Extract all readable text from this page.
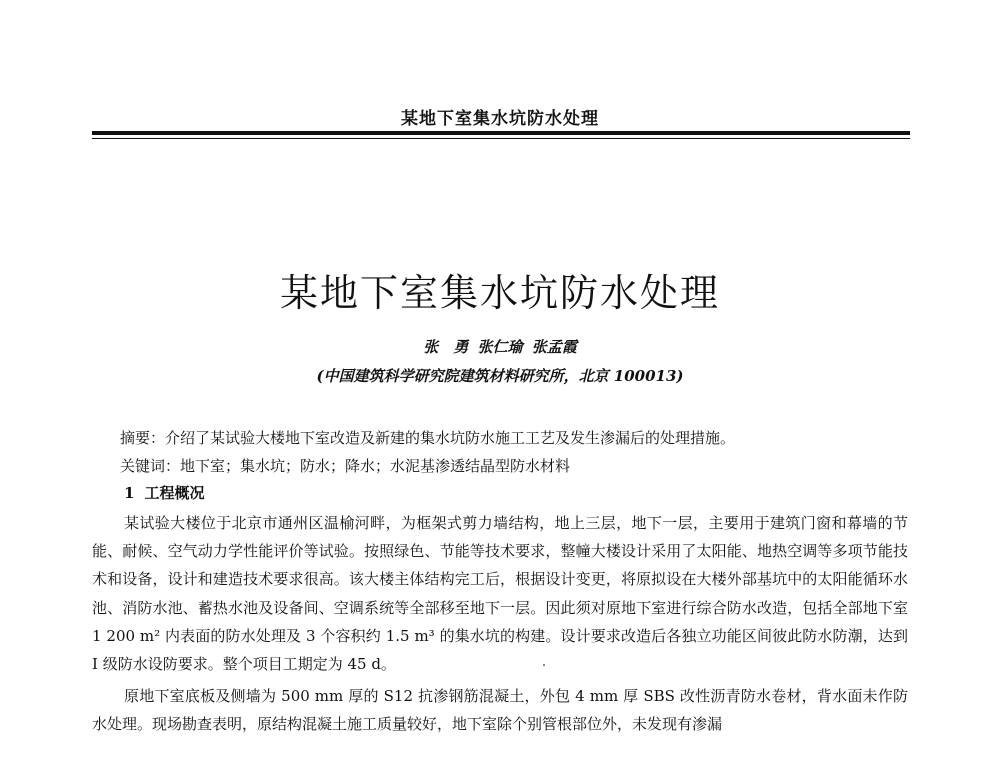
某地下室集水坑防水处理
某地下室集水坑防水处理
张　勇 张仁瑜 张孟霞
(中国建筑科学研究院建筑材料研究所，北京 100013)

摘要：介绍了某试验大楼地下室改造及新建的集水坑防水施工工艺及发生渗漏后的处理措施。

关键词：地下室；集水坑；防水；降水；水泥基渗透结晶型防水材料

1 工程概况

某试验大楼位于北京市通州区温榆河畔，为框架式剪力墙结构，地上三层，地下一层，主要用于建筑门窗和幕墙的节能、耐候、空气动力学性能评价等试验。按照绿色、节能等技术要求，整幢大楼设计采用了太阳能、地热空调等多项节能技术和设备，设计和建造技术要求很高。该大楼主体结构完工后，根据设计变更，将原拟设在大楼外部基坑中的太阳能循环水池、消防水池、蓄热水池及设备间、空调系统等全部移至地下一层。因此须对原地下室进行综合防水改造，包括全部地下室 1 200 m² 内表面的防水处理及 3 个容积约 1.5 m³ 的集水坑的构建。设计要求改造后各独立功能区间彼此防水防潮，达到 I 级防水设防要求。整个项目工期定为 45 d。

原地下室底板及侧墙为 500 mm 厚的 S12 抗渗钢筋混凝土，外包 4 mm 厚 SBS 改性沥青防水卷材，背水面未作防水处理。现场勘查表明，原结构混凝土施工质量较好，地下室除个别管根部位外，未发现有渗漏
